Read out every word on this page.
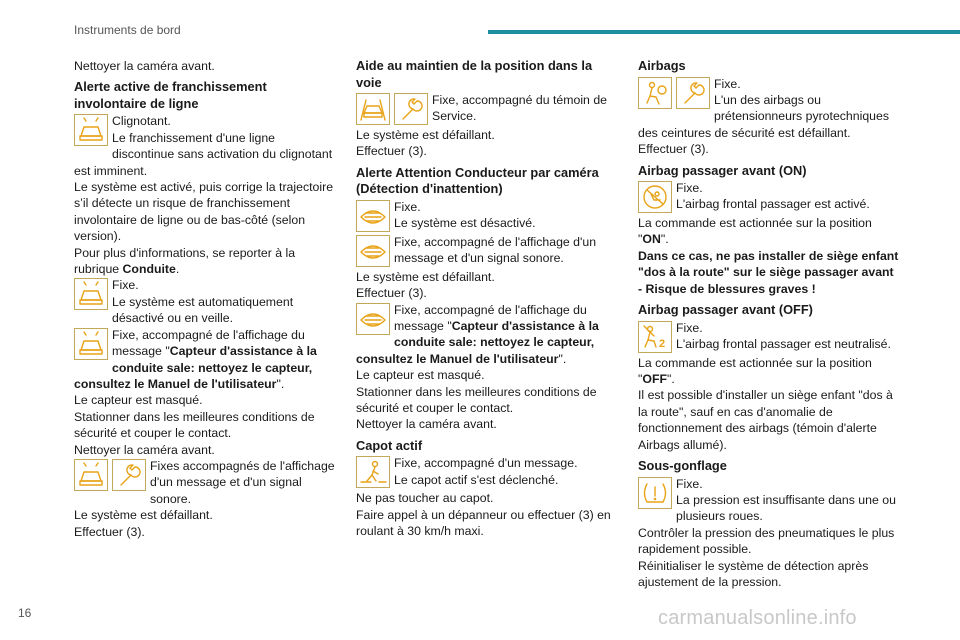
Instruments de bord

Nettoyer la caméra avant.

Alerte active de franchissement involontaire de ligne

Clignotant.

Le franchissement d'une ligne discontinue sans activation du clignotant est imminent.

Le système est activé, puis corrige la trajectoire s’il détecte un risque de franchissement involontaire de ligne ou de bas-côté (selon version).

Pour plus d'informations, se reporter à la rubrique Conduite.

Fixe.

Le système est automatiquement désactivé ou en veille.

Fixe, accompagné de l'affichage du message "Capteur d'assistance à la conduite sale: nettoyez le capteur, consultez le Manuel de l'utilisateur".

Le capteur est masqué.

Stationner dans les meilleures conditions de sécurité et couper le contact.

Nettoyer la caméra avant.

Fixes accompagnés de l'affichage d'un message et d'un signal sonore.

Le système est défaillant.

Effectuer (3).

Aide au maintien de la position dans la voie

Fixe, accompagné du témoin de Service.

Le système est défaillant.

Effectuer (3).

Alerte Attention Conducteur par caméra (Détection d'inattention)

Fixe.

Le système est désactivé.

Fixe, accompagné de l'affichage d'un message et d'un signal sonore.

Le système est défaillant.

Effectuer (3).

Fixe, accompagné de l'affichage du message "Capteur d'assistance à la conduite sale: nettoyez le capteur, consultez le Manuel de l'utilisateur".

Le capteur est masqué.

Stationner dans les meilleures conditions de sécurité et couper le contact.

Nettoyer la caméra avant.

Capot actif

Fixe, accompagné d'un message.

Le capot actif s'est déclenché.

Ne pas toucher au capot.

Faire appel à un dépanneur ou effectuer (3) en roulant à 30 km/h maxi.

Airbags

Fixe.

L'un des airbags ou prétensionneurs pyrotechniques des ceintures de sécurité est défaillant.

Effectuer (3).

Airbag passager avant (ON)

Fixe.

L'airbag frontal passager est activé.

La commande est actionnée sur la position "ON".

Dans ce cas, ne pas installer de siège enfant "dos à la route" sur le siège passager avant - Risque de blessures graves !

Airbag passager avant (OFF)
2

Fixe.

L'airbag frontal passager est neutralisé.

La commande est actionnée sur la position "OFF".

Il est possible d'installer un siège enfant "dos à la route", sauf en cas d'anomalie de fonctionnement des airbags (témoin d'alerte Airbags allumé).

Sous-gonflage

Fixe.

La pression est insuffisante dans une ou plusieurs roues.

Contrôler la pression des pneumatiques le plus rapidement possible.

Réinitialiser le système de détection après ajustement de la pression.

16	carmanualsonline.info
